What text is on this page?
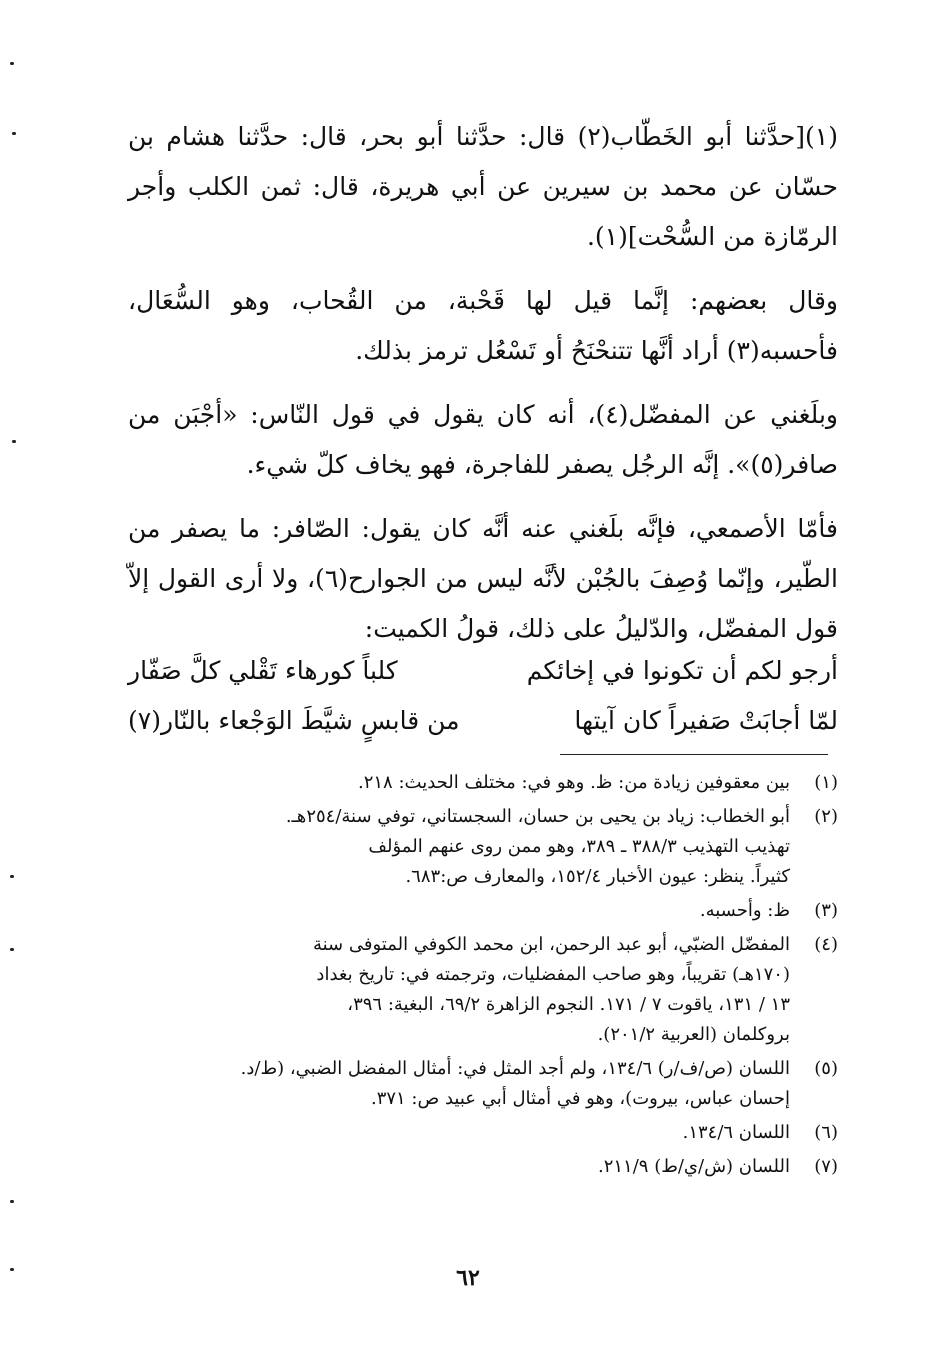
(١)[حدَّثنا أبو الخَطّاب(٢) قال: حدَّثنا أبو بحر، قال: حدَّثنا هشام بن حسّان عن محمد بن سيرين عن أبي هريرة، قال: ثمن الكلب وأجر الرمّازة من السُّحْت](١).

وقال بعضهم: إنَّما قيل لها قَحْبة، من القُحاب، وهو السُّعَال، فأحسبه(٣) أراد أنَّها تتنحْنَحُ أو تَسْعُل ترمز بذلك.

وبلَغني عن المفضّل(٤)، أنه كان يقول في قول النّاس: «أجْبَن من صافر(٥)». إنَّه الرجُل يصفر للفاجرة، فهو يخاف كلّ شيء.

فأمّا الأصمعي، فإنَّه بلَغني عنه أنَّه كان يقول: الصّافر: ما يصفر من الطّير، وإنّما وُصِفَ بالجُبْن لأنَّه ليس من الجوارح(٦)، ولا أرى القول إلاّ قول المفضّل، والدّليلُ على ذلك، قولُ الكميت:

أرجو لكم أن تكونوا في إخائكم
كلباً كورهاء تَقْلي كلَّ صَفّار
لمّا أجابَتْ صَفيراً كان آيتها
من قابسٍ شيَّطَ الوَجْعاء بالنّار(٧)
(١)
بين معقوفين زيادة من: ظ. وهو في: مختلف الحديث: ٢١٨.
(٢)
أبو الخطاب: زياد بن يحيى بن حسان، السجستاني، توفي سنة/٢٥٤هـ.
تهذيب التهذيب ٣٨٨/٣ ـ ٣٨٩، وهو ممن روى عنهم المؤلف
كثيراً. ينظر: عيون الأخبار ١٥٢/٤، والمعارف ص:٦٨٣.
(٣)
ظ: وأحسبه.
(٤)
المفضّل الضبّي، أبو عبد الرحمن، ابن محمد الكوفي المتوفى سنة
(١٧٠هـ) تقريباً، وهو صاحب المفضليات، وترجمته في: تاريخ بغداد
١٣ / ١٣١، ياقوت ٧ / ١٧١. النجوم الزاهرة ٦٩/٢، البغية: ٣٩٦،
بروكلمان (العربية ٢٠١/٢).
(٥)
اللسان (ص/ف/ر) ١٣٤/٦، ولم أجد المثل في: أمثال المفضل الضبي، (ط/د.
إحسان عباس، بيروت)، وهو في أمثال أبي عبيد ص: ٣٧١.
(٦)
اللسان ١٣٤/٦.
(٧)
اللسان (ش/ي/ط) ٢١١/٩.
٦٢
